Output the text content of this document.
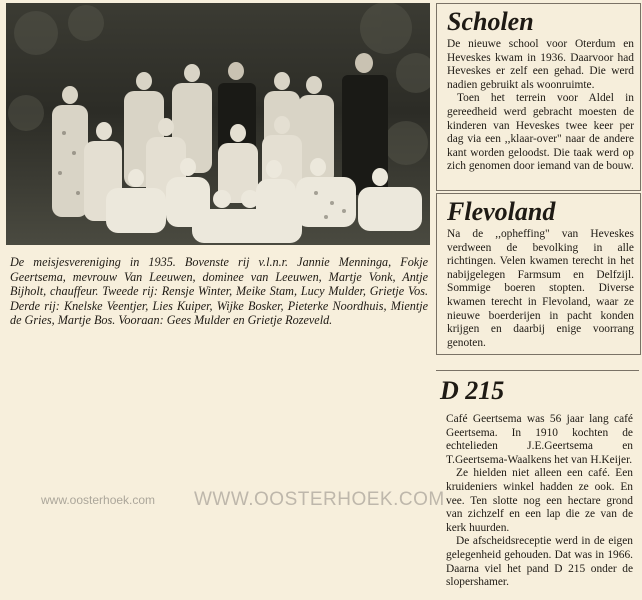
De meisjesvereniging in 1935. Bovenste rij v.l.n.r. Jannie Menninga, Fokje Geertsema, mevrouw Van Leeuwen, dominee van Leeuwen, Martje Vonk, Antje Bijholt, chauffeur. Tweede rij: Rensje Winter, Meike Stam, Lucy Mulder, Grietje Vos. Derde rij: Knelske Veentjer, Lies Kuiper, Wijke Bosker, Pieterke Noordhuis, Mientje de Gries, Martje Bos. Vooraan: Gees Mulder en Grietje Rozeveld.
Scholen

De nieuwe school voor Oterdum en Heveskes kwam in 1936. Daarvoor had Heveskes er zelf een gehad. Die werd nadien gebruikt als woonruimte.

Toen het terrein voor Aldel in gereedheid werd gebracht moesten de kinderen van Heveskes twee keer per dag via een ,,klaar-over" naar de andere kant worden geloodst. Die taak werd op zich genomen door iemand van de bouw.

Flevoland

Na de ,,opheffing" van Heveskes verdween de bevolking in alle richtingen. Velen kwamen terecht in het nabijgelegen Farmsum en Delfzijl. Sommige boeren stopten. Diverse kwamen terecht in Flevoland, waar ze nieuwe boerderijen in pacht konden krijgen en daarbij enige voorrang genoten.

D 215

Café Geertsema was 56 jaar lang café Geertsema. In 1910 kochten de echtelieden J.E.Geertsema en T.Geertsema-Waalkens het van H.Keijer.

Ze hielden niet alleen een café. Een kruideniers winkel hadden ze ook. En vee. Ten slotte nog een hectare grond van zichzelf en een lap die ze van de kerk huurden.

De afscheidsreceptie werd in de eigen gelegenheid gehouden. Dat was in 1966. Daarna viel het pand D 215 onder de slopershamer.

www.oosterhoek.com WWW.OOSTERHOEK.COM
